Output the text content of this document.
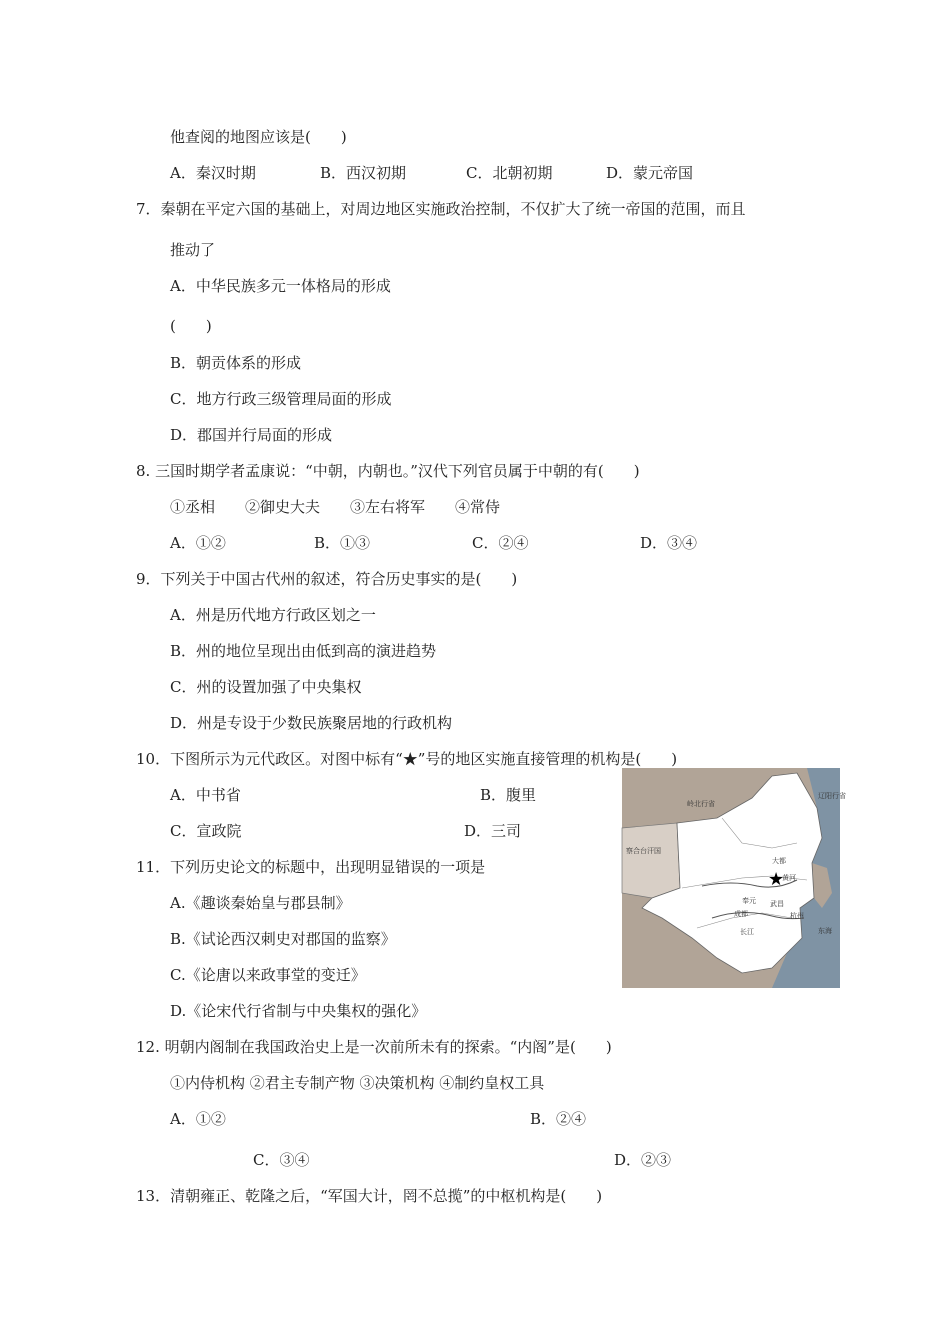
他查阅的地图应该是(　　)
A．秦汉时期	B．西汉初期	C．北朝初期	D．蒙元帝国
7．秦朝在平定六国的基础上，对周边地区实施政治控制，不仅扩大了统一帝国的范围，而且
推动了
A．中华民族多元一体格局的形成
(　　)
B．朝贡体系的形成
C．地方行政三级管理局面的形成
D．郡国并行局面的形成
8. 三国时期学者孟康说：“中朝，内朝也。”汉代下列官员属于中朝的有(　　)
①丞相　　②御史大夫　　③左右将军　　④常侍
A．①②	B．①③	C．②④	D．③④
9．下列关于中国古代州的叙述，符合历史事实的是(　　)
A．州是历代地方行政区划之一
B．州的地位呈现出由低到高的演进趋势
C．州的设置加强了中央集权
D．州是专设于少数民族聚居地的行政机构
10．下图所示为元代政区。对图中标有“★”号的地区实施直接管理的机构是(　　)
A．中书省	B．腹里
C．宣政院	D．三司
岭北行省
辽阳行省
察合台汗国
大都
黄河
长江
成都
奉元 武昌
杭州
东海
★
11．下列历史论文的标题中，出现明显错误的一项是
A.《趣谈秦始皇与郡县制》
B.《试论西汉刺史对郡国的监察》
C.《论唐以来政事堂的变迁》
D.《论宋代行省制与中央集权的强化》
12. 明朝内阁制在我国政治史上是一次前所未有的探索。“内阁”是(　　)
①内侍机构 ②君主专制产物 ③决策机构 ④制约皇权工具
A．①②	B．②④
C．③④	D．②③
13．清朝雍正、乾隆之后，“军国大计，罔不总揽”的中枢机构是(　　)
